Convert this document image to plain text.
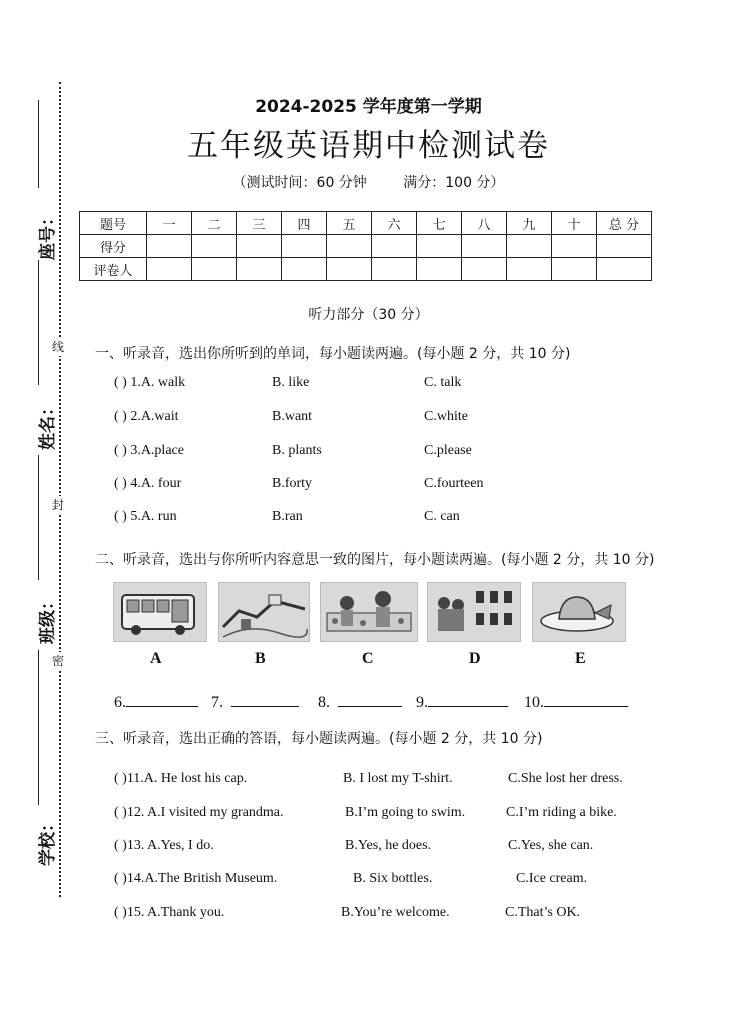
线
封
密
座号：
姓名：
班级：
学校：
2024-2025 学年度第一学期
五年级英语期中检测试卷
（测试时间：60 分钟	满分：100 分）
题号	一	二	三	四	五	六	七	八	九	十	总 分
得分											
评卷人											
听力部分（30 分）
一、听录音，选出你所听到的单词，每小题读两遍。(每小题 2 分，共 10 分)
( ) 1.A. walk	B. like	C. talk
( ) 2.A.wait	B.want	C.white
( ) 3.A.place	B. plants	C.please
( ) 4.A. four	B.forty	C.fourteen
( ) 5.A. run	B.ran	C. can
二、听录音，选出与你所听内容意思一致的图片，每小题读两遍。(每小题 2 分，共 10 分)
A	B	C	D	E
6.	7.	8.	9.	10.
三、听录音，选出正确的答语，每小题读两遍。(每小题 2 分，共 10 分)
( )11.A. He lost his cap.	B. I lost my T-shirt.	C.She lost her dress.
( )12. A.I visited my grandma.	B.I’m going to swim.	C.I’m riding a bike.
( )13. A.Yes, I do.	B.Yes, he does.	C.Yes, she can.
( )14.A.The British Museum.	B. Six bottles.	C.Ice cream.
( )15. A.Thank you.	B.You’re welcome.	C.That’s OK.
